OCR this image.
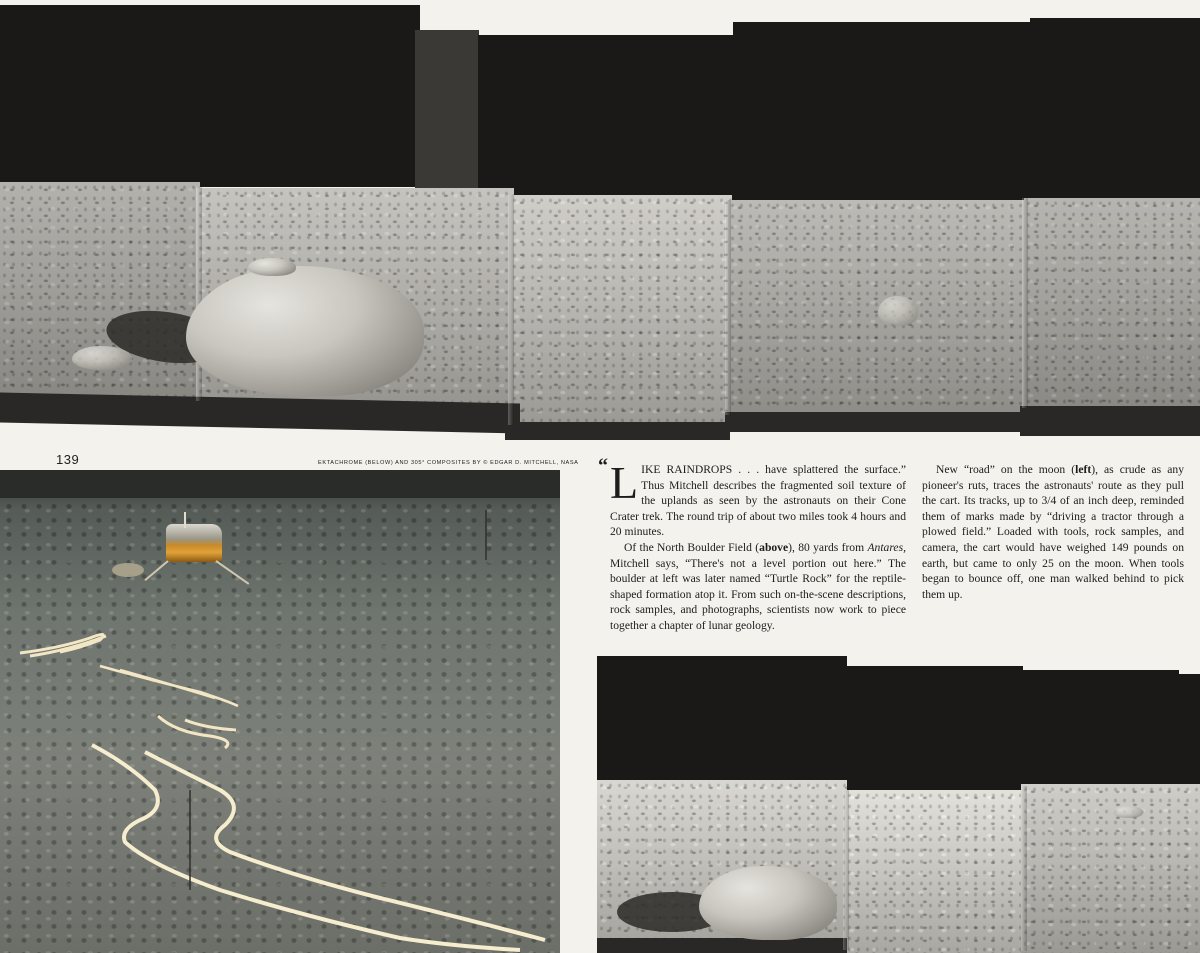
139	EKTACHROME (BELOW) AND 305° COMPOSITES BY © EDGAR D. MITCHELL, NASA “ L IKE RAINDROPS . . . have splattered the surface.” Thus Mitchell describes the fragmented soil texture of the uplands as seen by the astronauts on their Cone Crater trek. The round trip of about two miles took 4 hours and 20 minutes.

Of the North Boulder Field (above), 80 yards from Antares, Mitchell says, “There's not a level portion out here.” The boulder at left was later named “Turtle Rock” for the reptile-shaped formation atop it. From such on-the-scene descriptions, rock samples, and photographs, scientists now work to piece together a chapter of lunar geology.

New “road” on the moon (left), as crude as any pioneer's ruts, traces the astronauts' route as they pull the cart. Its tracks, up to 3/4 of an inch deep, reminded them of marks made by “driving a tractor through a plowed field.” Loaded with tools, rock samples, and camera, the cart would have weighed 149 pounds on earth, but came to only 25 on the moon. When tools began to bounce off, one man walked behind to pick them up.
